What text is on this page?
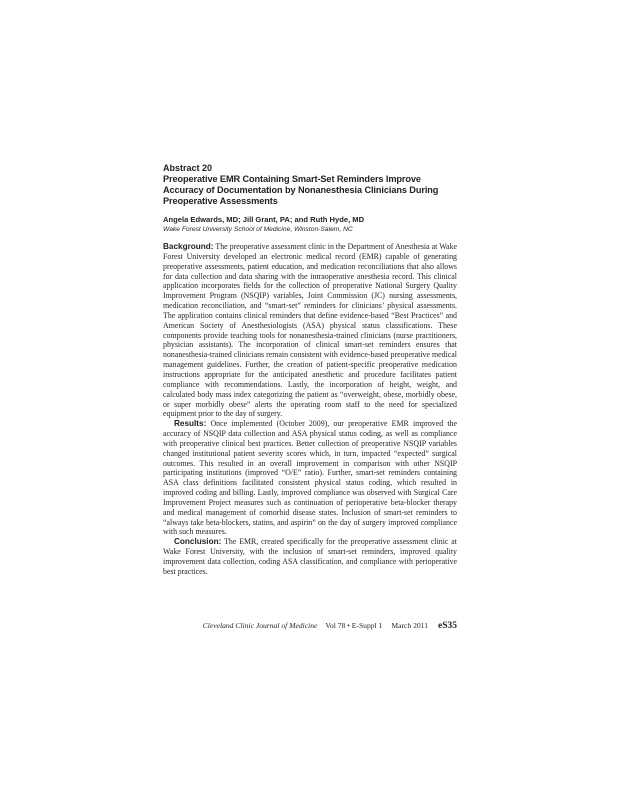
Abstract 20

Preoperative EMR Containing Smart-Set Reminders Improve Accuracy of Documentation by Nonanesthesia Clinicians During Preoperative Assessments

Angela Edwards, MD; Jill Grant, PA; and Ruth Hyde, MD

Wake Forest University School of Medicine, Winston-Salem, NC

Background: The preoperative assessment clinic in the Department of Anesthesia at Wake Forest University developed an electronic medical record (EMR) capable of generating preoperative assessments, patient education, and medication reconciliations that also allows for data collection and data sharing with the intraoperative anesthesia record. This clinical application incorporates fields for the collection of preoperative National Surgery Quality Improvement Program (NSQIP) variables, Joint Commission (JC) nursing assessments, medication reconciliation, and “smart-set” reminders for clinicians’ physical assessments. The application contains clinical reminders that define evidence-based “Best Practices” and American Society of Anesthesiologists (ASA) physical status classifications. These components provide teaching tools for nonanesthesia-trained clinicians (nurse practitioners, physician assistants). The incorporation of clinical smart-set reminders ensures that nonanesthesia-trained clinicians remain consistent with evidence-based preoperative medical management guidelines. Further, the creation of patient-specific preoperative medication instructions appropriate for the anticipated anesthetic and procedure facilitates patient compliance with recommendations. Lastly, the incorporation of height, weight, and calculated body mass index categorizing the patient as “overweight, obese, morbidly obese, or super morbidly obese” alerts the operating room staff to the need for specialized equipment prior to the day of surgery.

Results: Once implemented (October 2009), our preoperative EMR improved the accuracy of NSQIP data collection and ASA physical status coding, as well as compliance with preoperative clinical best practices. Better collection of preoperative NSQIP variables changed institutional patient severity scores which, in turn, impacted “expected” surgical outcomes. This resulted in an overall improvement in comparison with other NSQIP participating institutions (improved “O/E” ratio). Further, smart-set reminders containing ASA class definitions facilitated consistent physical status coding, which resulted in improved coding and billing. Lastly, improved compliance was observed with Surgical Care Improvement Project measures such as continuation of perioperative beta-blocker therapy and medical management of comorbid disease states. Inclusion of smart-set reminders to “always take beta-blockers, statins, and aspirin” on the day of surgery improved compliance with such measures.

Conclusion: The EMR, created specifically for the preoperative assessment clinic at Wake Forest University, with the inclusion of smart-set reminders, improved quality improvement data collection, coding ASA classification, and compliance with perioperative best practices.

Cleveland Clinic Journal of Medicine Vol 78 • E-Suppl 1 March 2011 eS35
